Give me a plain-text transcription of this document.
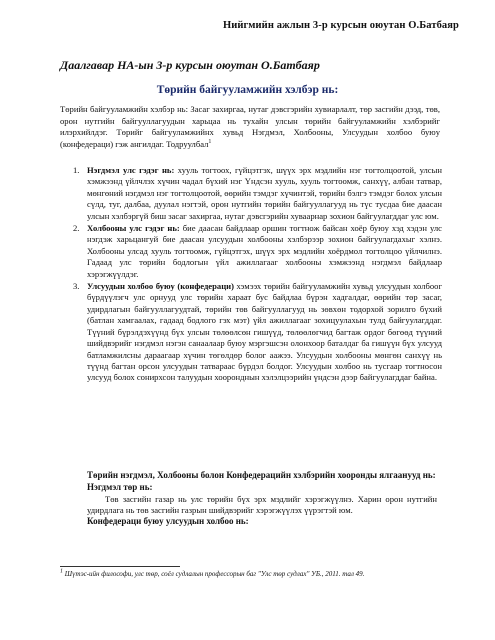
Нийгмийн ажлын 3-р курсын оюутан О.Батбаяр
Даалгавар НА-ын 3-р курсын оюутан О.Батбаяр
Төрийн байгууламжийн хэлбэр нь:
Төрийн байгууламжийн хэлбэр нь: Засаг захиргаа, нутаг дэвсгэрийн хувиарлалт, төр засгийн дээд, төв, орон нутгийн байгууллагуудын харьцаа нь тухайн улсын төрийн байгууламжийн хэлбэрийг илэрхийлдэг. Төрийг байгууламжийнх хувьд Нэгдмэл, Холбооны, Улсуудын холбоо буюу (конфедераци) гэж ангилдаг. Тодруулбал$^1$
1. Нэгдмэл улс гэдэг нь: хууль тогтоох, гүйцэтгэх, шүүх эрх мэдлийн нэг тогтолцоотой, улсын хэмжээнд үйлчлэх хүчин чадал бүхий нэг Үндсэн хууль, хууль тогтоомж, санхүү, албан татвар, мөнгөний нэгдмэл нэг тогтолцоотой, өөрийн тэмдэг хүчинтэй, төрийн бэлгэ тэмдэг болох улсын сүлд, туг, далбаа, дуулал нэгтэй, орон нутгийн төрийн байгууллагууд нь түс тусдаа бие даасан улсын хэлбэргүй биш засаг захиргаа, нутаг дэвсгэрийн хуваарнар зохион байгуулагддаг улс юм.
2. Холбооны улс гэдэг нь: бие даасан байдлаар оршин тогтнож байсан хоёр буюу хэд хэдэн улс нэгдэж харьцангуй бие даасан улсуудын холбооны хэлбэрээр зохион байгуулагдахыг хэлнэ. Холбооны улсад хууль тогтоомж, гүйцэтгэх, шүүх эрх мэдлийн хоёрдмол тогтолцоо үйлчилнэ. Гадаад улс төрийн бодлогын үйл ажиллагааг холбооны хэмжээнд нэгдмэл байдлаар хэрэгжүүлдэг.
3. Улсуудын холбоо буюу (конфедераци) хэмээх төрийн байгууламжийн хувьд улсуудын холбоог бүрдүүлэгч улс орнууд улс төрийн хараат бус байдлаа бүрэн хадгалдаг, өөрийн төр засаг, удирдлагын байгууллагуудтай, төрийн төв байгууллагууд нь зөвхөн тодорхой зорилго бүхий (батлан хамгаалах, гадаад бодлого гэх мэт) үйл ажиллагааг зохицуулахын тулд байгуулагддаг. Түүний бүрэлдэхүүнд бүх улсын төлөөлсөн гишүүд, төлөөлөгчид багтаж ордог бөгөөд түүний шийдвэрийг нэгдмэл нэгэн санаалаар буюу мэргэшсэн олонхоор баталдаг ба гишүүн бүх улсууд батламжилсны дараагаар хүчин төгөлдөр болог аажээ. Улсуудын холбооны мөнгөн санхүү нь түүнд багтан орсон улсуудын татвараас бүрдэл болдог. Улсуудын холбоо нь тусгаар тогтносон улсууд болох сонирхсон талуудын хооронднын хэлэлцээрийн үндсэн дээр байгуулагддаг байна.
Төрийн нэгдмэл, Холбооны болон Конфедерацийн хэлбэрийн хооронды ялгаанууд нь:
Нэгдмэл төр нь:
Төв засгийн газар нь улс төрийн бүх эрх мэдлийг хэрэгжүүлнэ. Харин орон нутгийн удирдлага нь төв засгийн газрын шийдвэрийг хэрэгжүүлэх үүрэгтэй юм.
Конфедераци буюу улсуудын холбоо нь:
$^1$ Шүтэс-ийн философи, улс төр, соёл судлалын профессорын баг "Улс төр судлах" УБ., 2011. тал 49.
